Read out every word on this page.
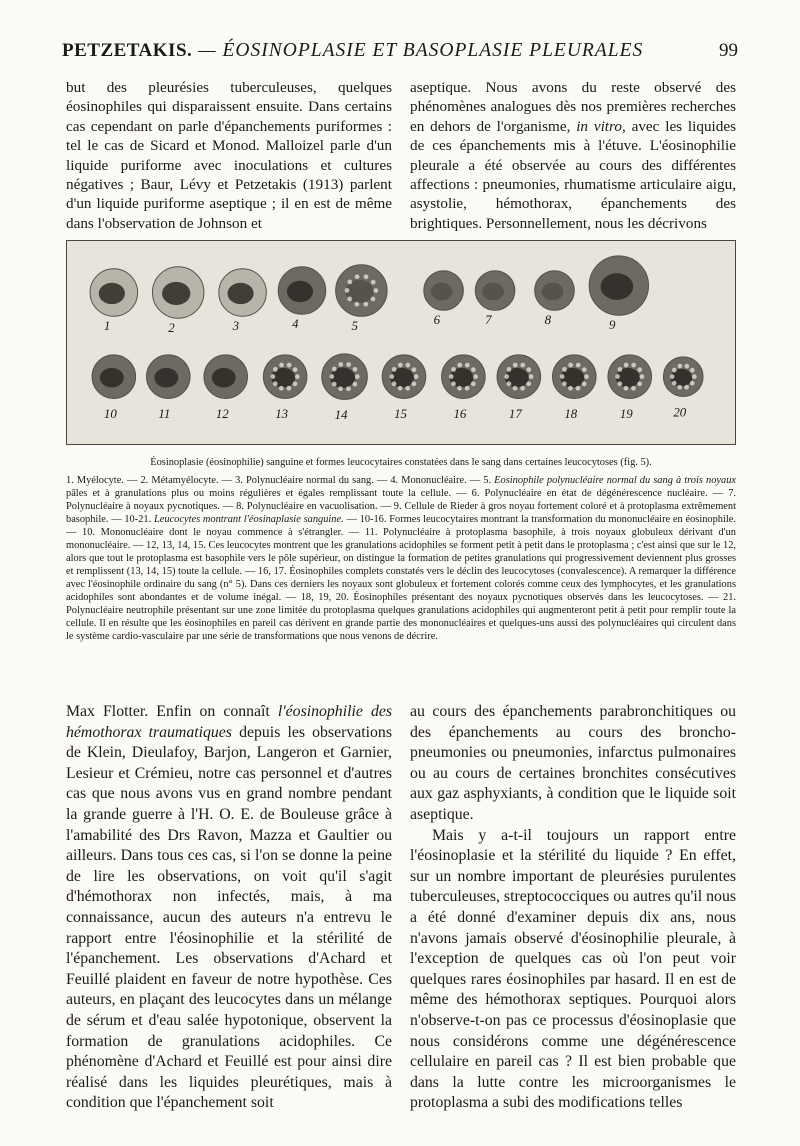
PETZETAKIS. — ÉOSINOPLASIE ET BASOPLASIE PLEURALES	99

but des pleurésies tuberculeuses, quelques éosinophiles qui disparaissent ensuite. Dans certains cas cependant on parle d'épanchements puriformes : tel le cas de Sicard et Monod. Malloizel parle d'un liquide puriforme avec inoculations et cultures négatives ; Baur, Lévy et Petzetakis (1913) parlent d'un liquide puriforme aseptique ; il en est de même dans l'observation de Johnson et

aseptique. Nous avons du reste observé des phénomènes analogues dès nos premières recherches en dehors de l'organisme, in vitro, avec les liquides de ces épanchements mis à l'étuve. L'éosinophilie pleurale a été observée au cours des différentes affections : pneumonies, rhumatisme articulaire aigu, asystolie, hémothorax, épanchements des brightiques. Personnellement, nous les décrivons

1	2	3	4	5	6	7	8	9
10	11	12	13	14	15	16	17	18	19	20

Éosinoplasie (éosinophilie) sanguine et formes leucocytaires constatées dans le sang dans certaines leucocytoses (fig. 5).

1. Myélocyte. — 2. Métamyélocyte. — 3. Polynucléaire normal du sang. — 4. Mononucléaire. — 5. Eosinophile polynucléaire normal du sang à trois noyaux pâles et à granulations plus ou moins régulières et égales remplissant toute la cellule. — 6. Polynucléaire en état de dégénérescence nucléaire. — 7. Polynucléaire à noyaux pycnotiques. — 8. Polynucléaire en vacuolisation. — 9. Cellule de Rieder à gros noyau fortement coloré et à protoplasma extrêmement basophile. — 10-21. Leucocytes montrant l'éosinaplasie sanguine. — 10-16. Formes leucocytaires montrant la transformation du mononucléaire en éosinophile. — 10. Mononucléaire dont le noyau commence à s'étrangler. — 11. Polynucléaire à protoplasma basophile, à trois noyaux globuleux dérivant d'un mononucléaire. — 12, 13, 14, 15. Ces leucocytes montrent que les granulations acidophiles se forment petit à petit dans le protoplasma ; c'est ainsi que sur le 12, alors que tout le protoplasma est basophile vers le pôle supérieur, on distingue la formation de petites granulations qui progressivement deviennent plus grosses et remplissent (13, 14, 15) toute la cellule. — 16, 17. Éosinophiles complets constatés vers le déclin des leucocytoses (convalescence). A remarquer la différence avec l'éosinophile ordinaire du sang (n° 5). Dans ces derniers les noyaux sont globuleux et fortement colorés comme ceux des lymphocytes, et les granulations acidophiles sont abondantes et de volume inégal. — 18, 19, 20. Éosinophiles présentant des noyaux pycnotiques observés dans les leucocytoses. — 21. Polynucléaire neutrophile présentant sur une zone limitée du protoplasma quelques granulations acidophiles qui augmenteront petit à petit pour remplir toute la cellule. Il en résulte que les éosinophiles en pareil cas dérivent en grande partie des mononucléaires et quelques-uns aussi des polynucléaires qui circulent dans le système cardio-vasculaire par une série de transformations que nous venons de décrire.

Max Flotter. Enfin on connaît l'éosinophilie des hémothorax traumatiques depuis les observations de Klein, Dieulafoy, Barjon, Langeron et Garnier, Lesieur et Crémieu, notre cas personnel et d'autres cas que nous avons vus en grand nombre pendant la grande guerre à l'H. O. E. de Bouleuse grâce à l'amabilité des Drs Ravon, Mazza et Gaultier ou ailleurs. Dans tous ces cas, si l'on se donne la peine de lire les observations, on voit qu'il s'agit d'hémothorax non infectés, mais, à ma connaissance, aucun des auteurs n'a entrevu le rapport entre l'éosinophilie et la stérilité de l'épanchement. Les observations d'Achard et Feuillé plaident en faveur de notre hypothèse. Ces auteurs, en plaçant des leucocytes dans un mélange de sérum et d'eau salée hypotonique, observent la formation de granulations acidophiles. Ce phénomène d'Achard et Feuillé est pour ainsi dire réalisé dans les liquides pleurétiques, mais à condition que l'épanchement soit

au cours des épanchements parabronchitiques ou des épanchements au cours des broncho-pneumonies ou pneumonies, infarctus pulmonaires ou au cours de certaines bronchites consécutives aux gaz asphyxiants, à condition que le liquide soit aseptique.

Mais y a-t-il toujours un rapport entre l'éosinoplasie et la stérilité du liquide ? En effet, sur un nombre important de pleurésies purulentes tuberculeuses, streptococciques ou autres qu'il nous a été donné d'examiner depuis dix ans, nous n'avons jamais observé d'éosinophilie pleurale, à l'exception de quelques cas où l'on peut voir quelques rares éosinophiles par hasard. Il en est de même des hémothorax septiques. Pourquoi alors n'observe-t-on pas ce processus d'éosinoplasie que nous considérons comme une dégénérescence cellulaire en pareil cas ? Il est bien probable que dans la lutte contre les microorganismes le protoplasma a subi des modifications telles
